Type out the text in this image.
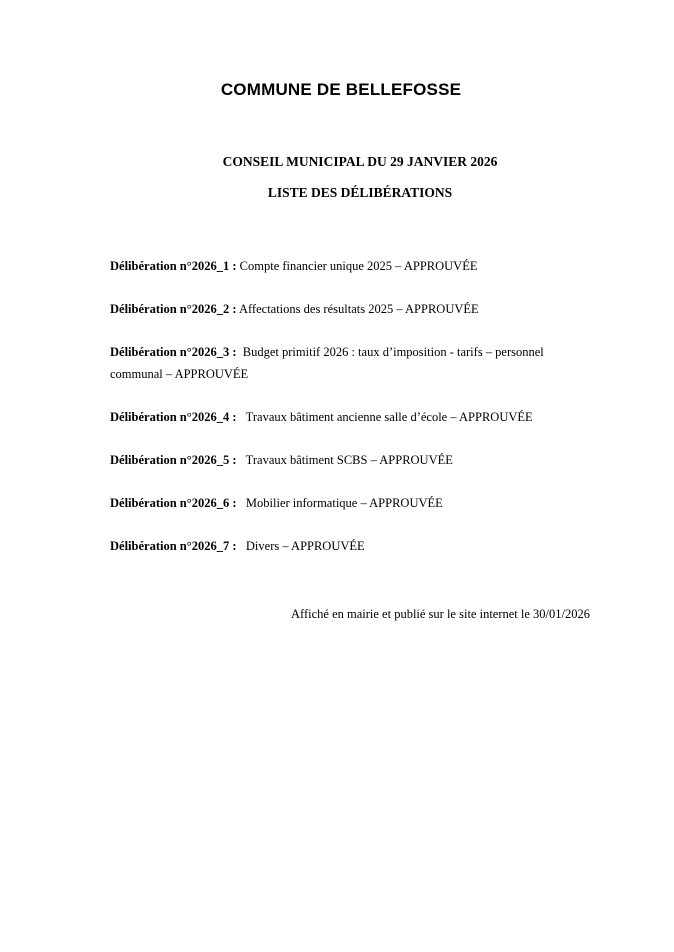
COMMUNE DE BELLEFOSSE
CONSEIL MUNICIPAL DU 29 JANVIER 2026
LISTE DES DÉLIBÉRATIONS
Délibération n°2026_1 : Compte financier unique 2025 – APPROUVÉE
Délibération n°2026_2 : Affectations des résultats 2025 – APPROUVÉE
Délibération n°2026_3 :  Budget primitif 2026 : taux d’imposition - tarifs – personnel communal – APPROUVÉE
Délibération n°2026_4 :   Travaux bâtiment ancienne salle d’école – APPROUVÉE
Délibération n°2026_5 :   Travaux bâtiment SCBS – APPROUVÉE
Délibération n°2026_6 :   Mobilier informatique – APPROUVÉE
Délibération n°2026_7 :   Divers – APPROUVÉE
Affiché en mairie et publié sur le site internet le 30/01/2026
